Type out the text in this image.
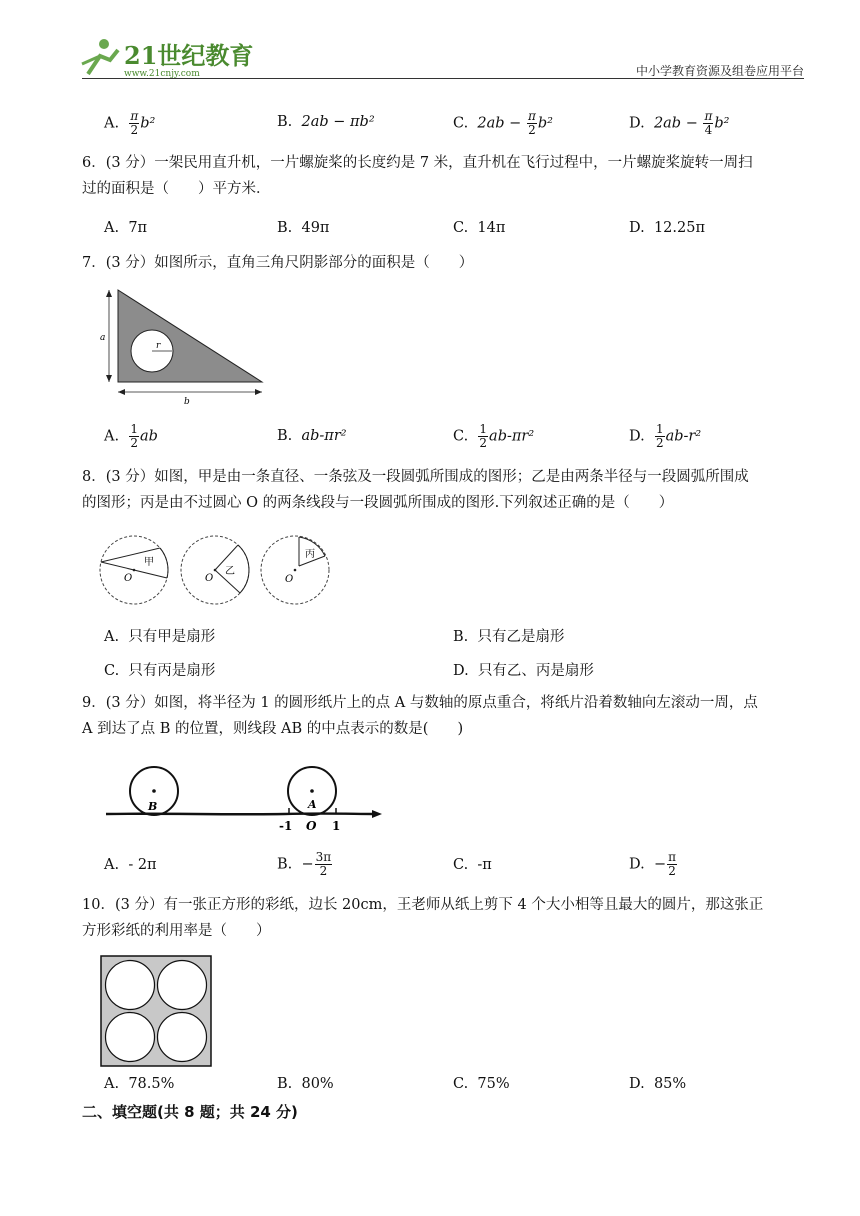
21世纪教育
www.21cnjy.com	中小学教育资源及组卷应用平台
A. $\frac{\pi}{2} b^2$	B. 2ab − πb²	C. $2ab - \frac{\pi}{2} b^2$	D. $2ab - \frac{\pi}{4} b^2$
6．(3 分）一架民用直升机，一片螺旋桨的长度约是 7 米，直升机在飞行过程中，一片螺旋桨旋转一周扫
过的面积是（　　）平方米．
A. 7π	B. 49π	C. 14π	D. 12.25π
7．(3 分）如图所示，直角三角尺阴影部分的面积是（　　）
r
a
b
A. $\frac{1}{2}$ ab	B. ab-πr²	C. $\frac{1}{2} ab-\pi r^2$	D. $\frac{1}{2} ab-r^2$
8．(3 分）如图，甲是由一条直径、一条弦及一段圆弧所围成的图形；乙是由两条半径与一段圆弧所围成
的图形；丙是由不过圆心 O 的两条线段与一段圆弧所围成的图形.下列叙述正确的是（　　）
O
甲
O
乙
O
丙
A. 只有甲是扇形	B. 只有乙是扇形
C. 只有丙是扇形	D. 只有乙、丙是扇形
9．(3 分）如图，将半径为 1 的圆形纸片上的点 A 与数轴的原点重合，将纸片沿着数轴向左滚动一周，点
A 到达了点 B 的位置，则线段 AB 的中点表示的数是(　　)
B	A
-1 O 1
A. - 2π	B. − $\frac{3\pi}{2}$	C. -π	D. − $\frac{\pi}{2}$
10．(3 分）有一张正方形的彩纸，边长 20cm，王老师从纸上剪下 4 个大小相等且最大的圆片，那这张正
方形彩纸的利用率是（　　）
A. 78.5%	B. 80%	C. 75%	D. 85%
二、填空题(共 8 题；共 24 分)
